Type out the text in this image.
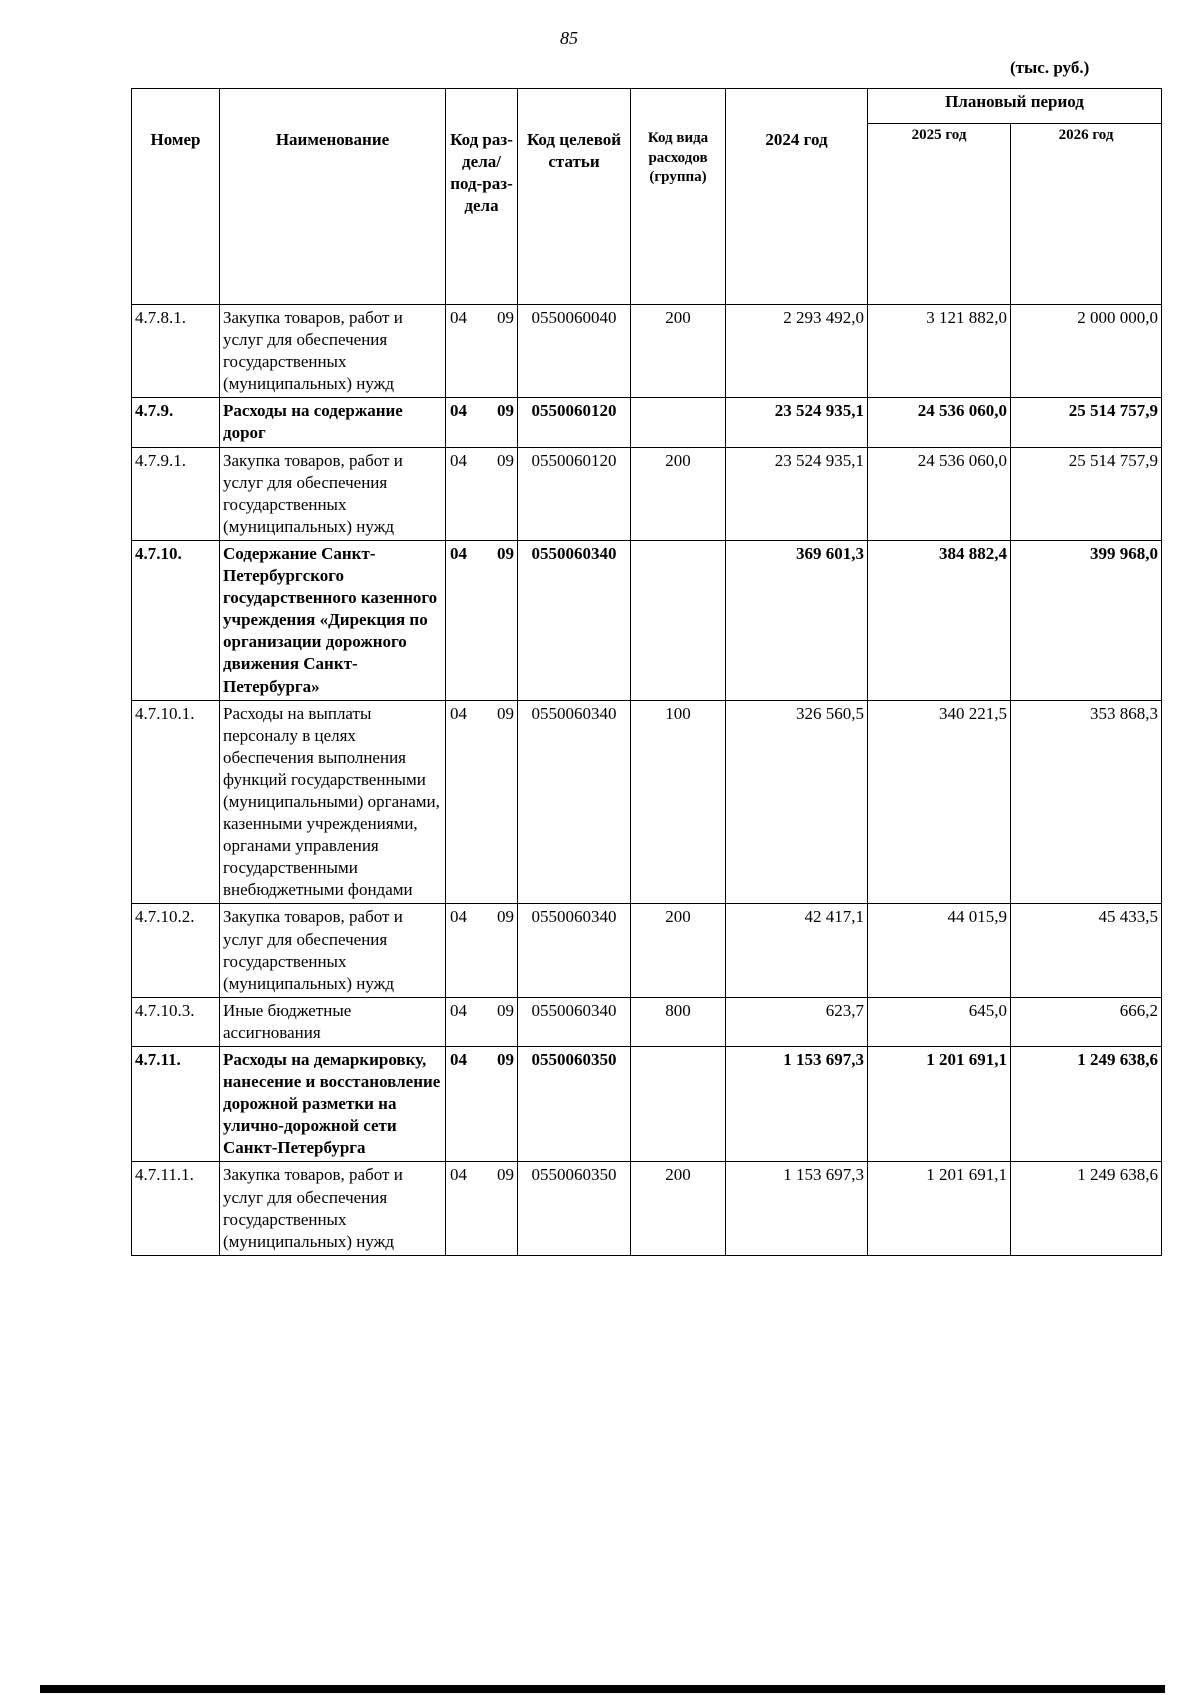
85
(тыс. руб.)
Номер	Наименование	Код раз-дела/ под-раз-дела	Код целевой статьи	Код вида расходов (группа)	2024 год	Плановый период	
						2025 год	2026 год
4.7.8.1.	Закупка товаров, работ и услуг для обеспечения государственных (муниципальных) нужд	04 09	0550060040	200	2 293 492,0	3 121 882,0	2 000 000,0
4.7.9.	Расходы на содержание дорог	04 09	0550060120		23 524 935,1	24 536 060,0	25 514 757,9
4.7.9.1.	Закупка товаров, работ и услуг для обеспечения государственных (муниципальных) нужд	04 09	0550060120	200	23 524 935,1	24 536 060,0	25 514 757,9
4.7.10.	Содержание Санкт-Петербургского государственного казенного учреждения «Дирекция по организации дорожного движения Санкт-Петербурга»	04 09	0550060340		369 601,3	384 882,4	399 968,0
4.7.10.1.	Расходы на выплаты персоналу в целях обеспечения выполнения функций государственными (муниципальными) органами, казенными учреждениями, органами управления государственными внебюджетными фондами	04 09	0550060340	100	326 560,5	340 221,5	353 868,3
4.7.10.2.	Закупка товаров, работ и услуг для обеспечения государственных (муниципальных) нужд	04 09	0550060340	200	42 417,1	44 015,9	45 433,5
4.7.10.3.	Иные бюджетные ассигнования	04 09	0550060340	800	623,7	645,0	666,2
4.7.11.	Расходы на демаркировку, нанесение и восстановление дорожной разметки на улично-дорожной сети Санкт-Петербурга	04 09	0550060350		1 153 697,3	1 201 691,1	1 249 638,6
4.7.11.1.	Закупка товаров, работ и услуг для обеспечения государственных (муниципальных) нужд	04 09	0550060350	200	1 153 697,3	1 201 691,1	1 249 638,6
